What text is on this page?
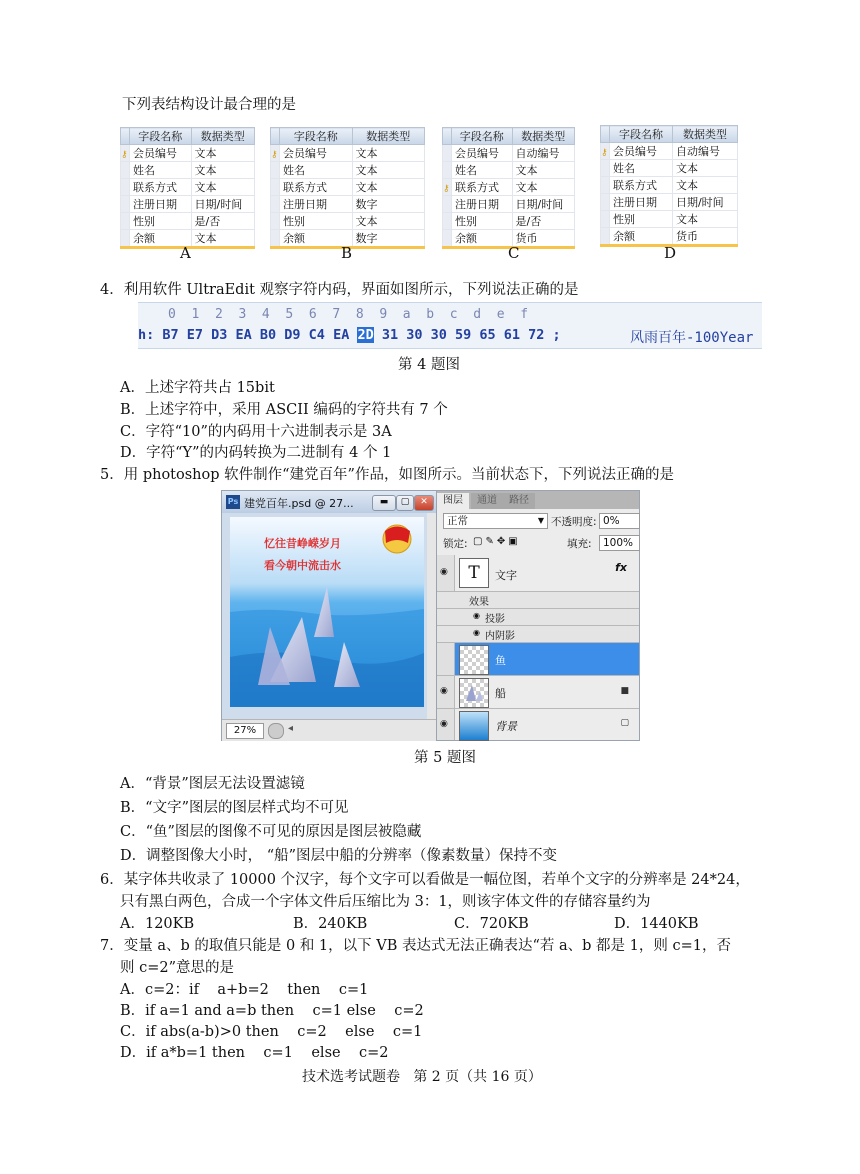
下列表结构设计最合理的是
	字段名称	数据类型
⚷	会员编号	文本
	姓名	文本
	联系方式	文本
	注册日期	日期/时间
	性别	是/否
	余额	文本
A
	字段名称	数据类型
⚷	会员编号	文本
	姓名	文本
	联系方式	文本
	注册日期	数字
	性别	文本
	余额	数字
B
	字段名称	数据类型
	会员编号	自动编号
	姓名	文本
⚷	联系方式	文本
	注册日期	日期/时间
	性别	是/否
	余额	货币
C
	字段名称	数据类型
⚷	会员编号	自动编号
	姓名	文本
	联系方式	文本
	注册日期	日期/时间
	性别	文本
	余额	货币
D
4．利用软件 UltraEdit 观察字符内码，界面如图所示，下列说法正确的是
0  1  2  3  4  5  6  7  8  9  a  b  c  d  e  f
h: B7 E7 D3 EA B0 D9 C4 EA 2D 31 30 30 59 65 61 72 ;	风雨百年-100Year
第 4 题图
A．上述字符共占 15bit
B．上述字符中，采用 ASCII 编码的字符共有 7 个
C．字符“10”的内码用十六进制表示是 3A
D．字符“Y”的内码转换为二进制有 4 个 1
5．用 photoshop 软件制作“建党百年”作品，如图所示。当前状态下，下列说法正确的是
Ps 建党百年.psd @ 27...	▬	▢	✕
忆往昔峥嵘岁月
看今朝中流击水
27%	◂
图层	通道	路径
正常	▼ 不透明度: 0%
锁定: ▢✎✥▣	填充:	100%
◉	T	文字
fx
效果
◉ 投影
◉ 内阴影
鱼
◉	船	■
◉	背景	▢
第 5 题图
A．“背景”图层无法设置滤镜
B．“文字”图层的图层样式均不可见
C．“鱼”图层的图像不可见的原因是图层被隐藏
D．调整图像大小时， “船”图层中船的分辨率（像素数量）保持不变
6．某字体共收录了 10000 个汉字，每个文字可以看做是一幅位图，若单个文字的分辨率是 24*24，
只有黑白两色，合成一个字体文件后压缩比为 3：1，则该字体文件的存储容量约为
A．120KB	B．240KB	C．720KB	D．1440KB
7．变量 a、b 的取值只能是 0 和 1，以下 VB 表达式无法正确表达“若 a、b 都是 1，则 c=1，否
则 c=2”意思的是
A．c=2：if    a+b=2    then    c=1
B．if a=1 and a=b then    c=1 else    c=2
C．if abs(a-b)>0 then    c=2    else    c=1
D．if a*b=1 then    c=1    else    c=2
技术选考试题卷   第 2 页（共 16 页）
